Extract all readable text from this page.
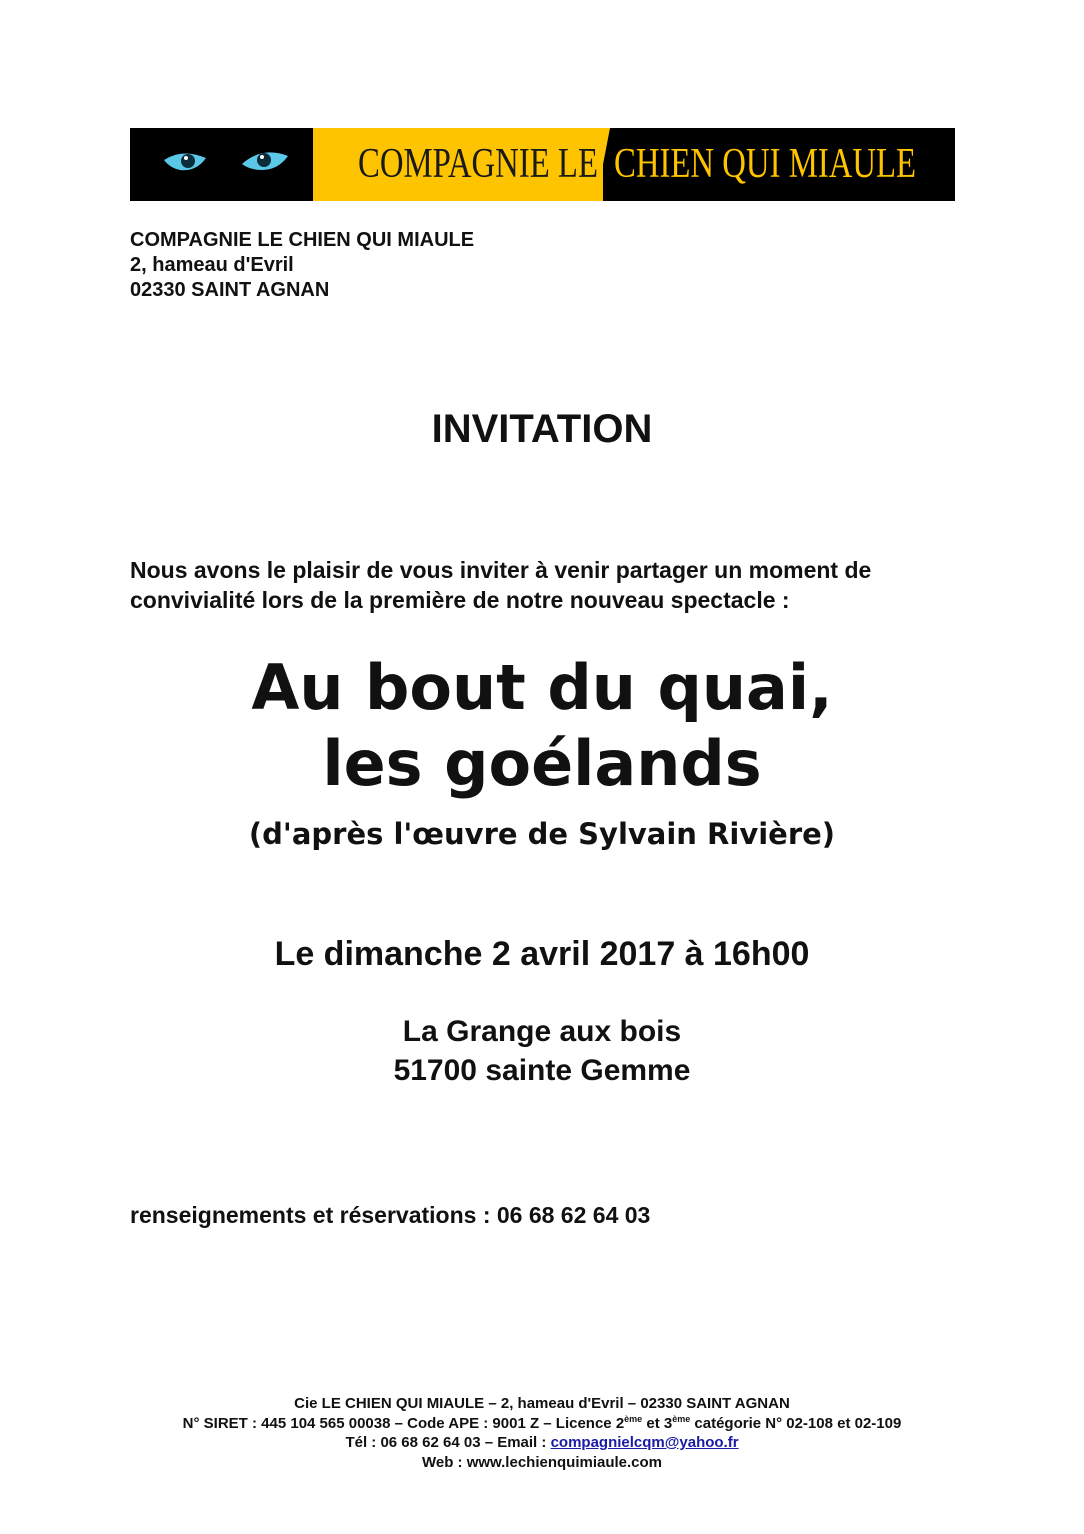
COMPAGNIE LE CHIEN QUI MIAULE
COMPAGNIE LE CHIEN QUI MIAULE
2, hameau d'Evril
02330 SAINT AGNAN
INVITATION
Nous avons le plaisir de vous inviter à venir partager un moment de
convivialité lors de la première de notre nouveau spectacle :
Au bout du quai,
les goélands
(d'après l'œuvre de Sylvain Rivière)
Le dimanche 2 avril 2017 à 16h00
La Grange aux bois
51700 sainte Gemme
renseignements et réservations : 06 68 62 64 03
Cie LE CHIEN QUI MIAULE – 2, hameau d'Evril – 02330 SAINT AGNAN
N° SIRET : 445 104 565 00038 – Code APE : 9001 Z – Licence 2ème et 3ème catégorie N° 02-108 et 02-109
Tél : 06 68 62 64 03 – Email : compagnielcqm@yahoo.fr
Web : www.lechienquimiaule.com
